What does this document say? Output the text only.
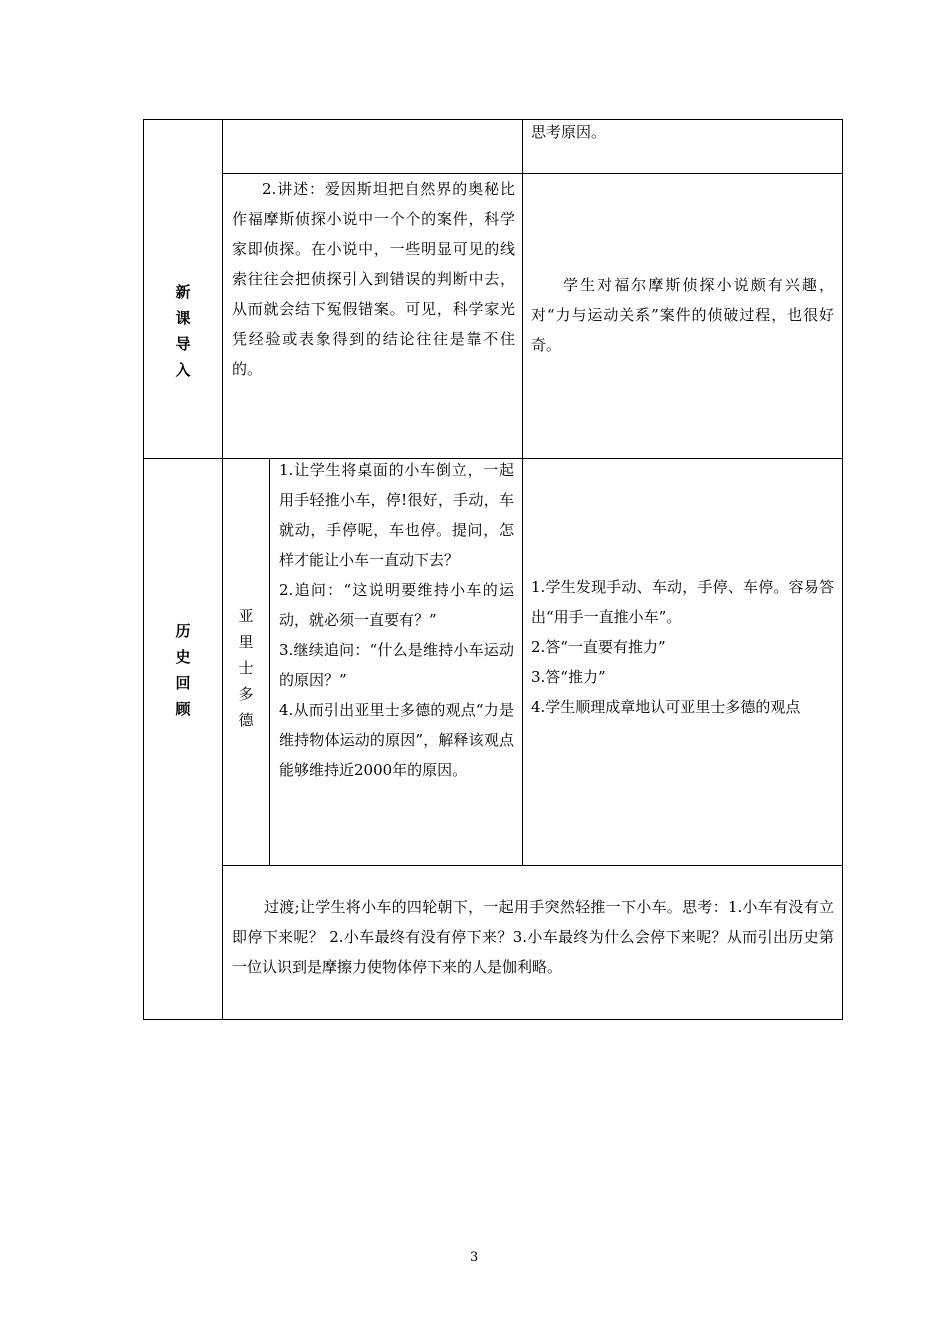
思考原因。
新
课
导
入
2.讲述：爱因斯坦把自然界的奥秘比作福摩斯侦探小说中一个个的案件，科学家即侦探。在小说中，一些明显可见的线索往往会把侦探引入到错误的判断中去，从而就会结下冤假错案。可见，科学家光凭经验或表象得到的结论往往是靠不住的。
学生对福尔摩斯侦探小说颇有兴趣，对“力与运动关系”案件的侦破过程，也很好奇。
历
史
回
顾
亚
里
士
多
德
1.让学生将桌面的小车倒立，一起用手轻推小车，停!很好，手动，车就动，手停呢，车也停。提问，怎样才能让小车一直动下去？
2.追问：“这说明要维持小车的运动，就必须一直要有？”
3.继续追问：“什么是维持小车运动的原因？”
4.从而引出亚里士多德的观点“力是维持物体运动的原因”，解释该观点能够维持近2000年的原因。
1.学生发现手动、车动，手停、车停。容易答出“用手一直推小车”。
2.答“一直要有推力”
3.答“推力”
4.学生顺理成章地认可亚里士多德的观点
过渡;让学生将小车的四轮朝下，一起用手突然轻推一下小车。思考：1.小车有没有立即停下来呢？ 2.小车最终有没有停下来？3.小车最终为什么会停下来呢？从而引出历史第一位认识到是摩擦力使物体停下来的人是伽利略。
3
